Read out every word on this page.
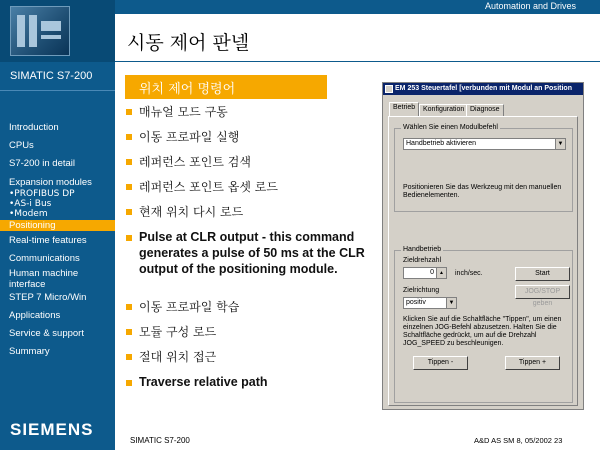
SIMATIC S7-200
Introduction
CPUs
S7-200 in detail
Expansion modules
•PROFIBUS DP
•AS-i Bus
•Modem
Positioning
Real-time features
Communications
Human machine interface
STEP 7 Micro/Win
Applications
Service & support
Summary
SIEMENS
Automation and Drives
시동 제어 판넬
위치 제어 명령어
매뉴얼 모드 구동
이동 프로파일 실행
레퍼런스 포인트 검색
레퍼런스 포인트 옵셋 로드
현재 위치 다시 로드
Pulse at CLR output - this command generates a pulse of 50 ms at the CLR output of the positioning module.
이동 프로파일 학습
모듈 구성 로드
절대 위치 접근
Traverse relative path
EM 253 Steuertafel [verbunden mit Modul an Position
Betrieb	Konfiguration Diagnose
Wählen Sie einen Modulbefehl
Handbetrieb aktivieren	▼
Positionieren Sie das Werkzeug mit den manuellen Bedienelementen.
Handbetrieb
Zieldrehzahl
0	▲ inch/sec.	Start
Zielrichtung	JOG/STOP geben
positiv	▼
Klicken Sie auf die Schaltfläche "Tippen", um einen einzelnen JOG-Befehl abzusetzen. Halten Sie die Schaltfläche gedrückt, um auf die Drehzahl JOG_SPEED zu beschleunigen.
Tippen -	Tippen +
SIMATIC S7-200	A&D AS SM 8, 05/2002 23
